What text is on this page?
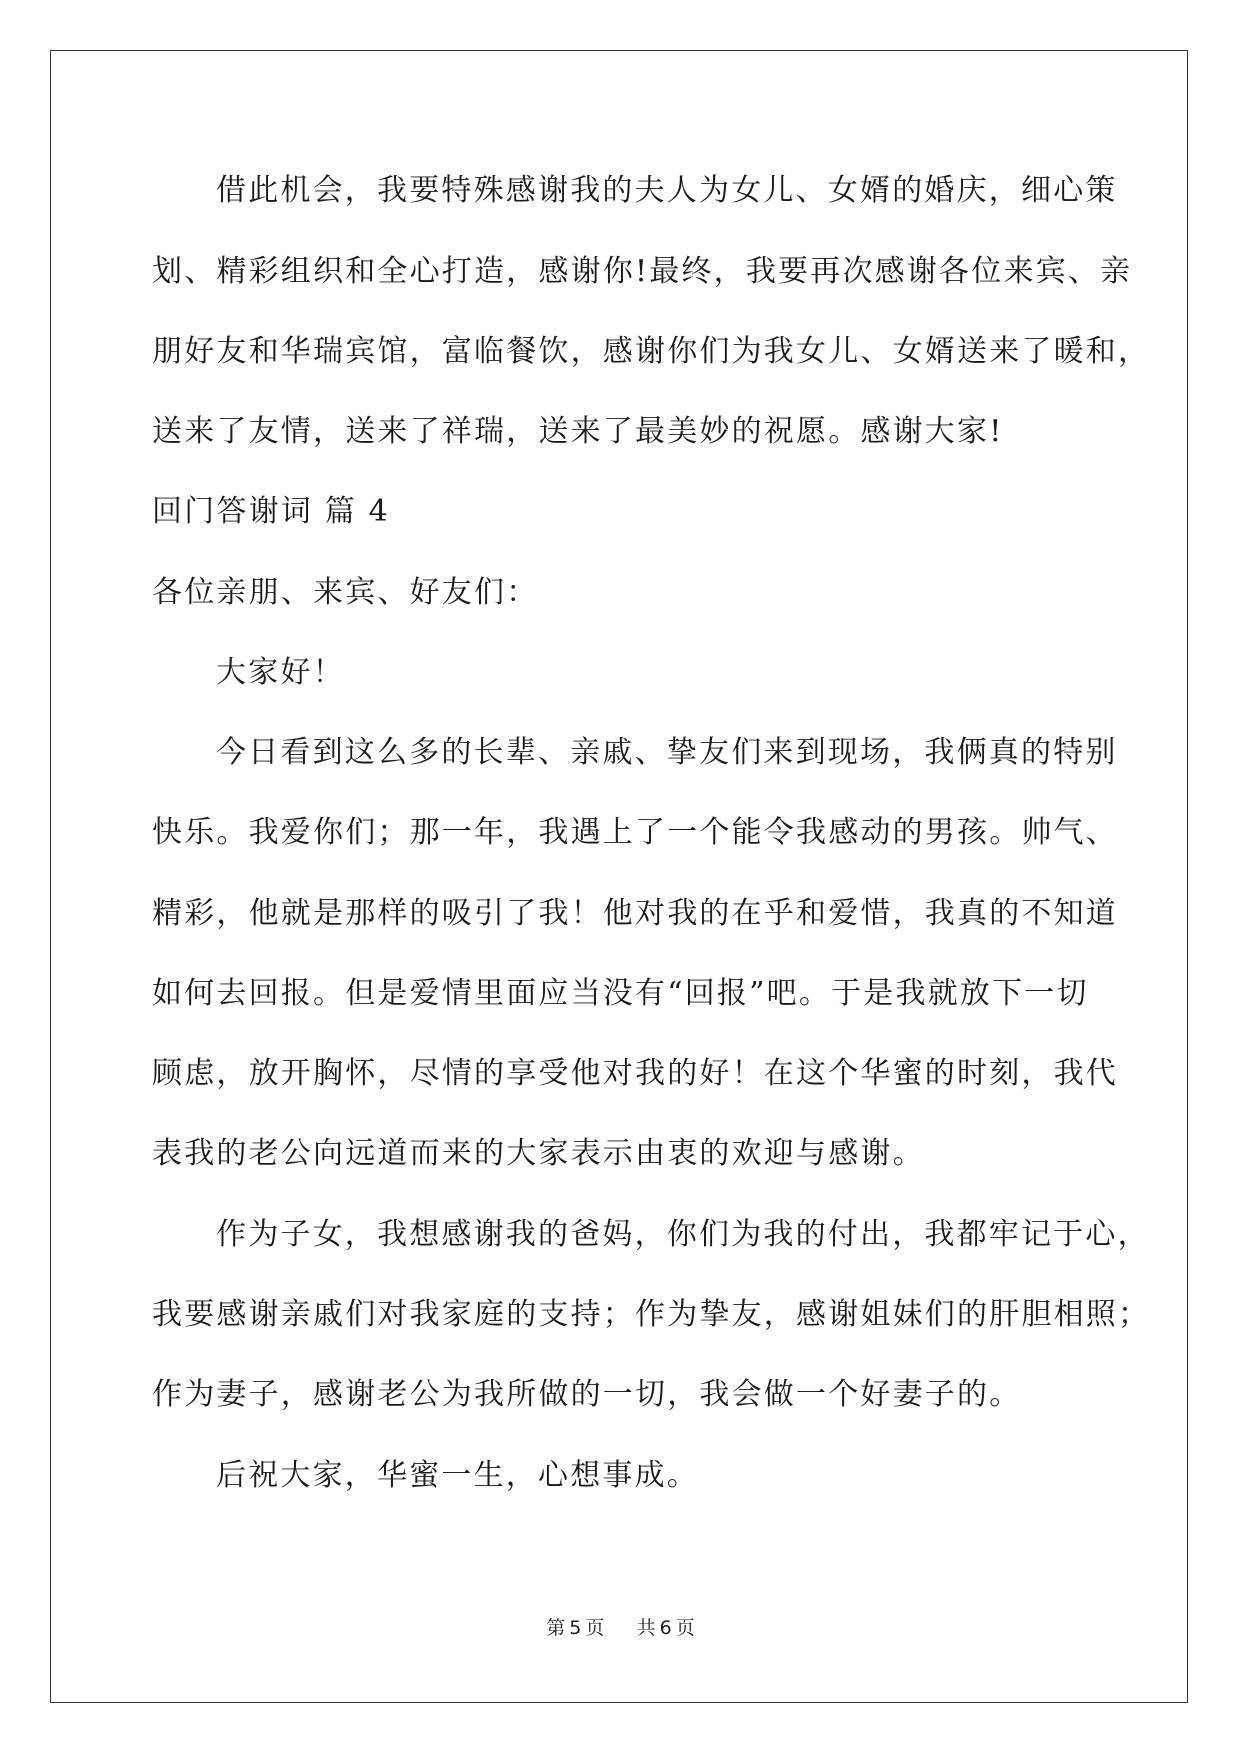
借此机会，我要特殊感谢我的夫人为女儿、女婿的婚庆，细心策
划、精彩组织和全心打造，感谢你!最终，我要再次感谢各位来宾、亲
朋好友和华瑞宾馆，富临餐饮，感谢你们为我女儿、女婿送来了暖和，
送来了友情，送来了祥瑞，送来了最美妙的祝愿。感谢大家!
回门答谢词 篇 4
各位亲朋、来宾、好友们：
大家好！
今日看到这么多的长辈、亲戚、挚友们来到现场，我俩真的特别
快乐。我爱你们；那一年，我遇上了一个能令我感动的男孩。帅气、
精彩，他就是那样的吸引了我！他对我的在乎和爱惜，我真的不知道
如何去回报。但是爱情里面应当没有“回报”吧。于是我就放下一切
顾虑，放开胸怀，尽情的享受他对我的好！在这个华蜜的时刻，我代
表我的老公向远道而来的大家表示由衷的欢迎与感谢。
作为子女，我想感谢我的爸妈，你们为我的付出，我都牢记于心，
我要感谢亲戚们对我家庭的支持；作为挚友，感谢姐妹们的肝胆相照；
作为妻子，感谢老公为我所做的一切，我会做一个好妻子的。
后祝大家，华蜜一生，心想事成。
第 5 页 共 6 页
